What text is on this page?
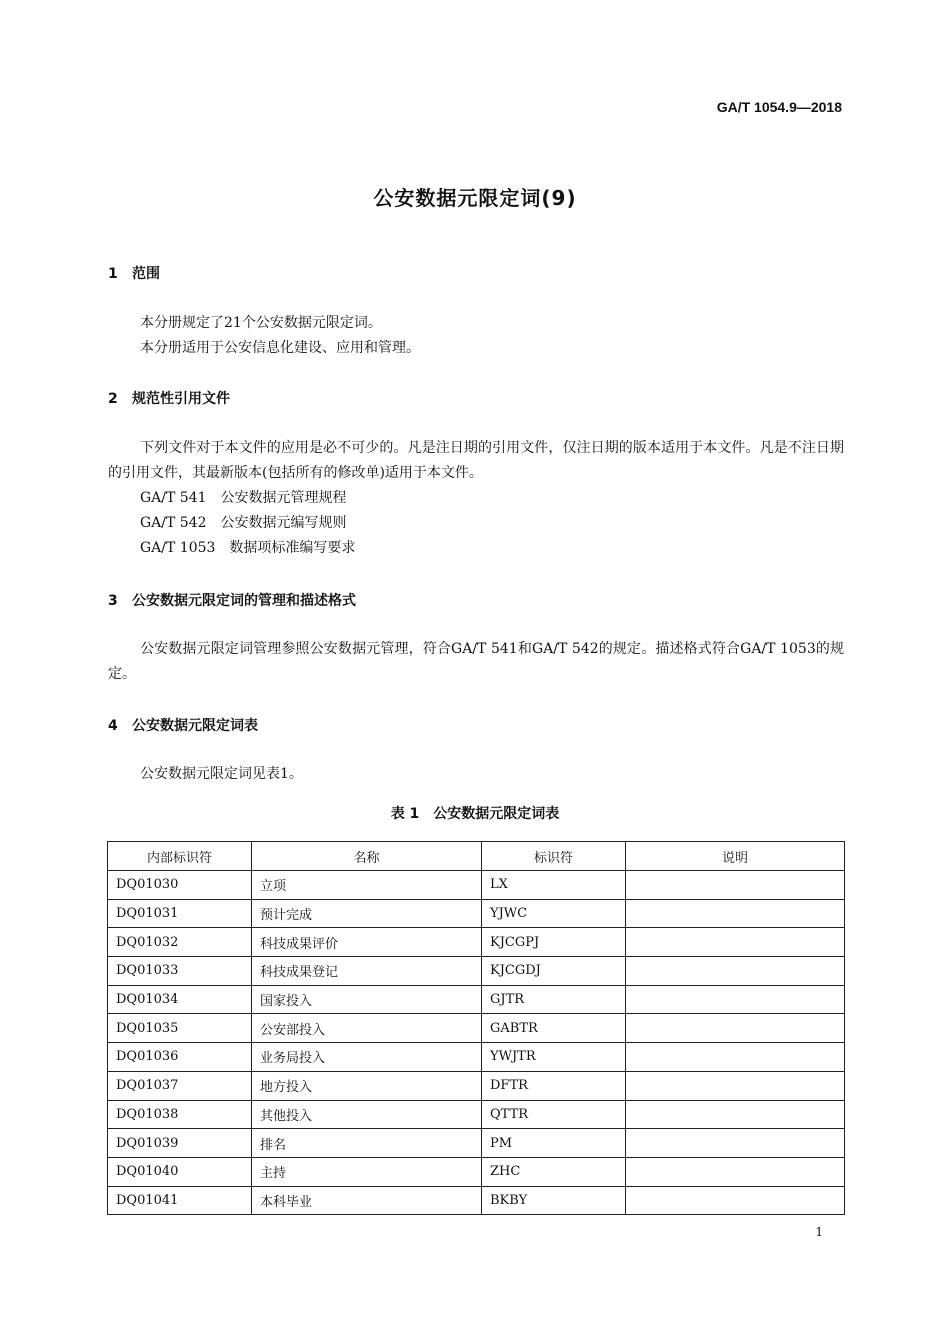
GA/T 1054.9—2018
公安数据元限定词(9)
1 范围
本分册规定了21个公安数据元限定词。
本分册适用于公安信息化建设、应用和管理。
2 规范性引用文件
下列文件对于本文件的应用是必不可少的。凡是注日期的引用文件，仅注日期的版本适用于本文件。凡是不注日期的引用文件，其最新版本(包括所有的修改单)适用于本文件。
GA/T 541　公安数据元管理规程
GA/T 542　公安数据元编写规则
GA/T 1053　数据项标准编写要求
3 公安数据元限定词的管理和描述格式
公安数据元限定词管理参照公安数据元管理，符合GA/T 541和GA/T 542的规定。描述格式符合GA/T 1053的规定。
4 公安数据元限定词表
公安数据元限定词见表1。
表 1　公安数据元限定词表
内部标识符	名称	标识符	说明
DQ01030	立项	LX	
DQ01031	预计完成	YJWC	
DQ01032	科技成果评价	KJCGPJ	
DQ01033	科技成果登记	KJCGDJ	
DQ01034	国家投入	GJTR	
DQ01035	公安部投入	GABTR	
DQ01036	业务局投入	YWJTR	
DQ01037	地方投入	DFTR	
DQ01038	其他投入	QTTR	
DQ01039	排名	PM	
DQ01040	主持	ZHC	
DQ01041	本科毕业	BKBY	
1
